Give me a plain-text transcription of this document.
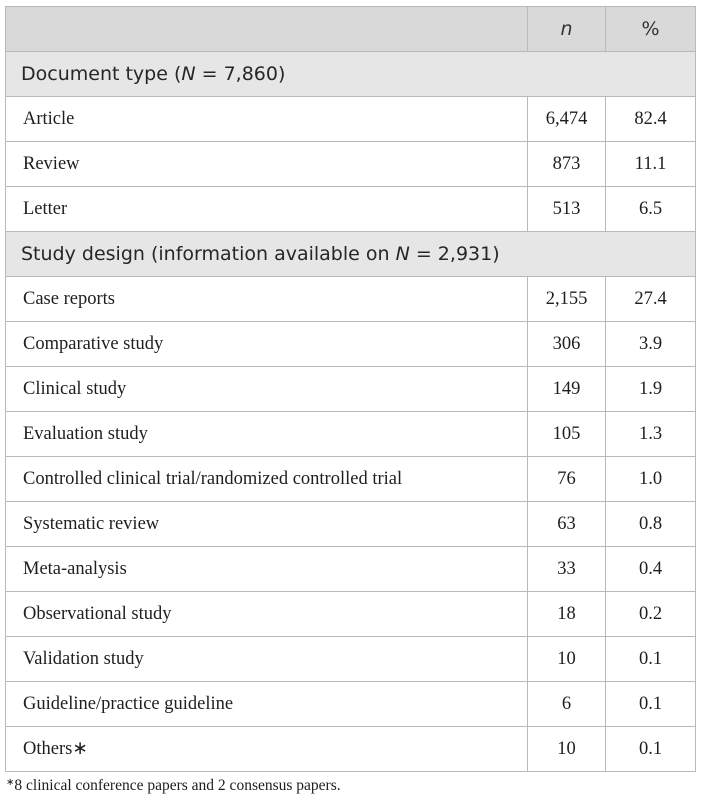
	n	%
Document type (N = 7,860)		
Article	6,474	82.4
Review	873	11.1
Letter	513	6.5
Study design (information available on N = 2,931)		
Case reports	2,155	27.4
Comparative study	306	3.9
Clinical study	149	1.9
Evaluation study	105	1.3
Controlled clinical trial/randomized controlled trial	76	1.0
Systematic review	63	0.8
Meta-analysis	33	0.4
Observational study	18	0.2
Validation study	10	0.1
Guideline/practice guideline	6	0.1
Others∗	10	0.1
∗8 clinical conference papers and 2 consensus papers.
